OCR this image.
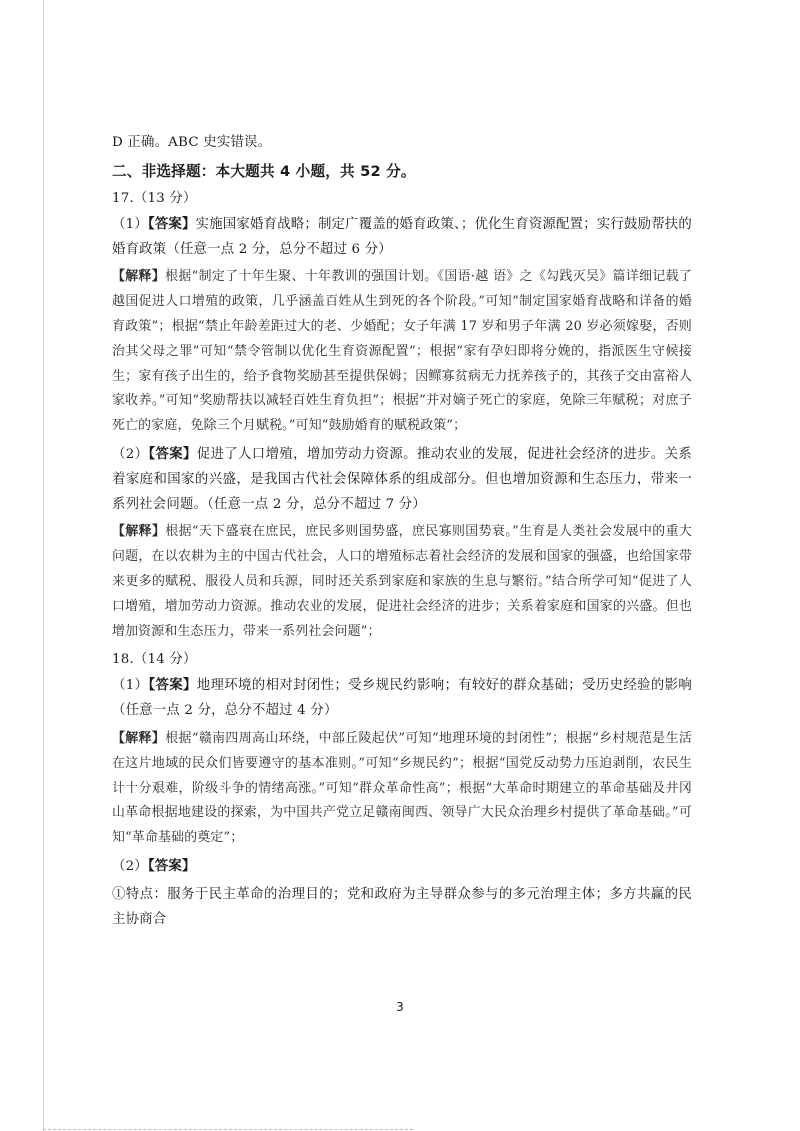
D 正确。ABC 史实错误。

二、非选择题：本大题共 4 小题，共 52 分。

17.（13 分）

（1）【答案】实施国家婚育战略；制定广覆盖的婚育政策、；优化生育资源配置；实行鼓励帮扶的婚育政策（任意一点 2 分，总分不超过 6 分）

【解释】根据“制定了十年生聚、十年教训的强国计划。《国语·越 语》之《勾践灭吴》篇详细记载了越国促进人口增殖的政策，几乎涵盖百姓从生到死的各个阶段。”可知“制定国家婚育战略和详备的婚育政策”；根据“禁止年龄差距过大的老、少婚配；女子年满 17 岁和男子年满 20 岁必须嫁娶，否则治其父母之罪”可知“禁令管制以优化生育资源配置”；根据“家有孕妇即将分娩的，指派医生守候接生；家有孩子出生的，给予食物奖励甚至提供保姆；因鳏寡贫病无力抚养孩子的，其孩子交由富裕人家收养。”可知“奖励帮扶以减轻百姓生育负担”；根据“并对嫡子死亡的家庭，免除三年赋税；对庶子死亡的家庭，免除三个月赋税。”可知“鼓励婚育的赋税政策”；

（2）【答案】促进了人口增殖，增加劳动力资源。推动农业的发展，促进社会经济的进步。关系着家庭和国家的兴盛，是我国古代社会保障体系的组成部分。但也增加资源和生态压力，带来一系列社会问题。（任意一点 2 分，总分不超过 7 分）

【解释】根据“天下盛衰在庶民，庶民多则国势盛，庶民寡则国势衰。”生育是人类社会发展中的重大问题，在以农耕为主的中国古代社会，人口的增殖标志着社会经济的发展和国家的强盛，也给国家带来更多的赋税、服役人员和兵源，同时还关系到家庭和家族的生息与繁衍。”结合所学可知“促进了人口增殖，增加劳动力资源。推动农业的发展，促进社会经济的进步；关系着家庭和国家的兴盛。但也增加资源和生态压力，带来一系列社会问题”；

18.（14 分）

（1）【答案】地理环境的相对封闭性；受乡规民约影响；有较好的群众基础；受历史经验的影响（任意一点 2 分，总分不超过 4 分）

【解释】根据“赣南四周高山环绕，中部丘陵起伏”可知“地理环境的封闭性”；根据“乡村规范是生活在这片地域的民众们皆要遵守的基本准则。”可知“乡规民约”；根据“国党反动势力压迫剥削，农民生计十分艰难，阶级斗争的情绪高涨。”可知“群众革命性高”；根据“大革命时期建立的革命基础及井冈山革命根据地建设的探索，为中国共产党立足赣南闽西、领导广大民众治理乡村提供了革命基础。”可知“革命基础的奠定”；

（2）【答案】

①特点：服务于民主革命的治理目的；党和政府为主导群众参与的多元治理主体；多方共赢的民主协商合

3
